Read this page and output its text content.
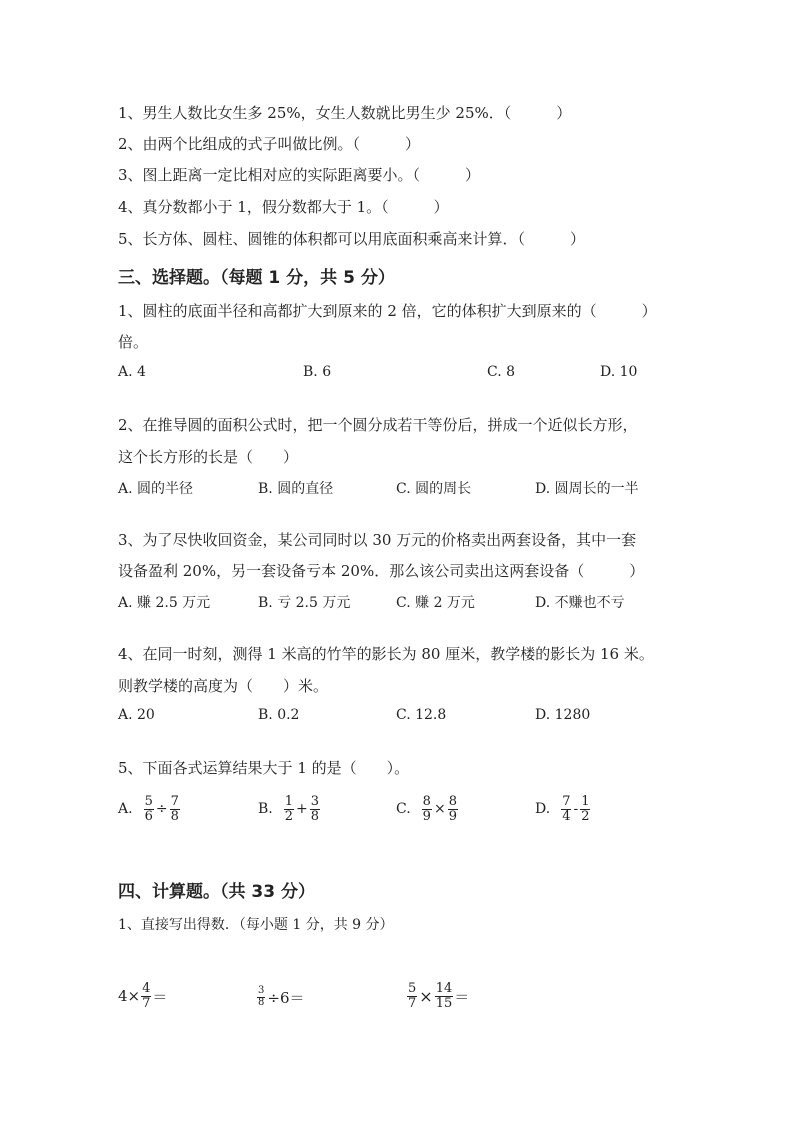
1、男生人数比女生多 25%，女生人数就比男生少 25%．（　　　）
2、由两个比组成的式子叫做比例。（　　　）
3、图上距离一定比相对应的实际距离要小。（　　　）
4、真分数都小于 1，假分数都大于 1。（　　　）
5、长方体、圆柱、圆锥的体积都可以用底面积乘高来计算．（　　　）
三、选择题。（每题 1 分，共 5 分）
1、圆柱的底面半径和高都扩大到原来的 2 倍，它的体积扩大到原来的（　　　）
倍。
A. 4	B. 6	C. 8	D. 10
2、在推导圆的面积公式时，把一个圆分成若干等份后，拼成一个近似长方形，
这个长方形的长是（　　）
A. 圆的半径	B. 圆的直径	C. 圆的周长	D. 圆周长的一半
3、为了尽快收回资金，某公司同时以 30 万元的价格卖出两套设备，其中一套
设备盈利 20%，另一套设备亏本 20%．那么该公司卖出这两套设备（　　　）
A. 赚 2.5 万元	B. 亏 2.5 万元	C. 赚 2 万元	D. 不赚也不亏
4、在同一时刻，测得 1 米高的竹竿的影长为 80 厘米，教学楼的影长为 16 米。
则教学楼的高度为（　　）米。
A. 20	B. 0.2	C. 12.8	D. 1280
5、下面各式运算结果大于 1 的是（　　）。
A. $\frac{5}{6} \div \frac{7}{8}$	B. $\frac{1}{2} + \frac{3}{8}$	C. $\frac{8}{9} \times \frac{8}{9}$	D. $\frac{7}{4} - \frac{1}{2}$
四、计算题。（共 33 分）
1、直接写出得数．（每小题 1 分，共 9 分）
$4\times \frac{4}{7}$ ＝	$\frac{3}{8} \div 6=$	$\frac{5}{7} \times \frac{14}{15}$ ＝
